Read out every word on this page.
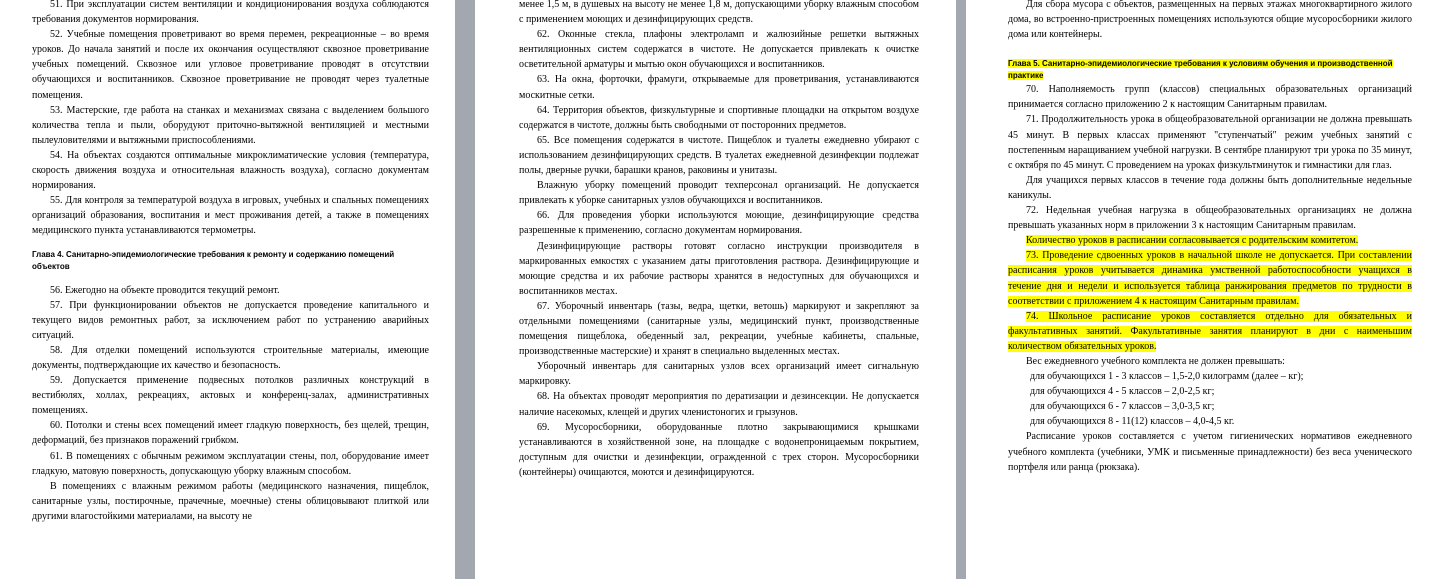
51. При эксплуатации систем вентиляции и кондиционирования воздуха соблюдаются требования документов нормирования.

52. Учебные помещения проветривают во время перемен, рекреационные – во время уроков. До начала занятий и после их окончания осуществляют сквозное проветривание учебных помещений. Сквозное или угловое проветривание проводят в отсутствии обучающихся и воспитанников. Сквозное проветривание не проводят через туалетные помещения.

53. Мастерские, где работа на станках и механизмах связана с выделением большого количества тепла и пыли, оборудуют приточно-вытяжной вентиляцией и местными пылеуловителями и вытяжными приспособлениями.

54. На объектах создаются оптимальные микроклиматические условия (температура, скорость движения воздуха и относительная влажность воздуха), согласно документам нормирования.

55. Для контроля за температурой воздуха в игровых, учебных и спальных помещениях организаций образования, воспитания и мест проживания детей, а также в помещениях медицинского пункта устанавливаются термометры.

Глава 4. Санитарно-эпидемиологические требования к ремонту и содержанию помещений объектов

56. Ежегодно на объекте проводится текущий ремонт.

57. При функционировании объектов не допускается проведение капитального и текущего видов ремонтных работ, за исключением работ по устранению аварийных ситуаций.

58. Для отделки помещений используются строительные материалы, имеющие документы, подтверждающие их качество и безопасность.

59. Допускается применение подвесных потолков различных конструкций в вестибюлях, холлах, рекреациях, актовых и конференц-залах, административных помещениях.

60. Потолки и стены всех помещений имеет гладкую поверхность, без щелей, трещин, деформаций, без признаков поражений грибком.

61. В помещениях с обычным режимом эксплуатации стены, пол, оборудование имеет гладкую, матовую поверхность, допускающую уборку влажным способом.

В помещениях с влажным режимом работы (медицинского назначения, пищеблок, санитарные узлы, постирочные, прачечные, моечные) стены облицовывают плиткой или другими влагостойкими материалами, на высоту не

менее 1,5 м, в душевых на высоту не менее 1,8 м, допускающими уборку влажным способом с применением моющих и дезинфицирующих средств.

62. Оконные стекла, плафоны электроламп и жалюзийные решетки вытяжных вентиляционных систем содержатся в чистоте. Не допускается привлекать к очистке осветительной арматуры и мытью окон обучающихся и воспитанников.

63. На окна, форточки, фрамуги, открываемые для проветривания, устанавливаются москитные сетки.

64. Территория объектов, физкультурные и спортивные площадки на открытом воздухе содержатся в чистоте, должны быть свободными от посторонних предметов.

65. Все помещения содержатся в чистоте. Пищеблок и туалеты ежедневно убирают с использованием дезинфицирующих средств. В туалетах ежедневной дезинфекции подлежат полы, дверные ручки, барашки кранов, раковины и унитазы.

Влажную уборку помещений проводит техперсонал организаций. Не допускается привлекать к уборке санитарных узлов обучающихся и воспитанников.

66. Для проведения уборки используются моющие, дезинфицирующие средства разрешенные к применению, согласно документам нормирования.

Дезинфицирующие растворы готовят согласно инструкции производителя в маркированных емкостях с указанием даты приготовления раствора. Дезинфицирующие и моющие средства и их рабочие растворы хранятся в недоступных для обучающихся и воспитанников местах.

67. Уборочный инвентарь (тазы, ведра, щетки, ветошь) маркируют и закрепляют за отдельными помещениями (санитарные узлы, медицинский пункт, производственные помещения пищеблока, обеденный зал, рекреации, учебные кабинеты, спальные, производственные мастерские) и хранят в специально выделенных местах.

Уборочный инвентарь для санитарных узлов всех организаций имеет сигнальную маркировку.

68. На объектах проводят мероприятия по дератизации и дезинсекции. Не допускается наличие насекомых, клещей и других членистоногих и грызунов.

69. Мусоросборники, оборудованные плотно закрывающимися крышками устанавливаются в хозяйственной зоне, на площадке с водонепроницаемым покрытием, доступным для очистки и дезинфекции, огражденной с трех сторон. Мусоросборники (контейнеры) очищаются, моются и дезинфицируются.

Для сбора мусора с объектов, размещенных на первых этажах многоквартирного жилого дома, во встроенно-пристроенных помещениях используются общие мусоросборники жилого дома или контейнеры.

Глава 5. Санитарно-эпидемиологические требования к условиям обучения и производственной практике

70. Наполняемость групп (классов) специальных образовательных организаций принимается согласно приложению 2 к настоящим Санитарным правилам.

71. Продолжительность урока в общеобразовательной организации не должна превышать 45 минут. В первых классах применяют "ступенчатый" режим учебных занятий с постепенным наращиванием учебной нагрузки. В сентябре планируют три урока по 35 минут, с октября по 45 минут. С проведением на уроках физкультминуток и гимнастики для глаз.

Для учащихся первых классов в течение года должны быть дополнительные недельные каникулы.

72. Недельная учебная нагрузка в общеобразовательных организациях не должна превышать указанных норм в приложении 3 к настоящим Санитарным правилам.

Количество уроков в расписании согласовывается с родительским комитетом.

73. Проведение сдвоенных уроков в начальной школе не допускается. При составлении расписания уроков учитывается динамика умственной работоспособности учащихся в течение дня и недели и используется таблица ранжирования предметов по трудности в соответствии с приложением 4 к настоящим Санитарным правилам.

74. Школьное расписание уроков составляется отдельно для обязательных и факультативных занятий. Факультативные занятия планируют в дни с наименьшим количеством обязательных уроков.

Вес ежедневного учебного комплекта не должен превышать:

для обучающихся 1 - 3 классов – 1,5-2,0 килограмм (далее – кг);

для обучающихся 4 - 5 классов – 2,0-2,5 кг;

для обучающихся 6 - 7 классов – 3,0-3,5 кг;

для обучающихся 8 - 11(12) классов – 4,0-4,5 кг.

Расписание уроков составляется с учетом гигиенических нормативов ежедневного учебного комплекта (учебники, УМК и письменные принадлежности) без веса ученического портфеля или ранца (рюкзака).
